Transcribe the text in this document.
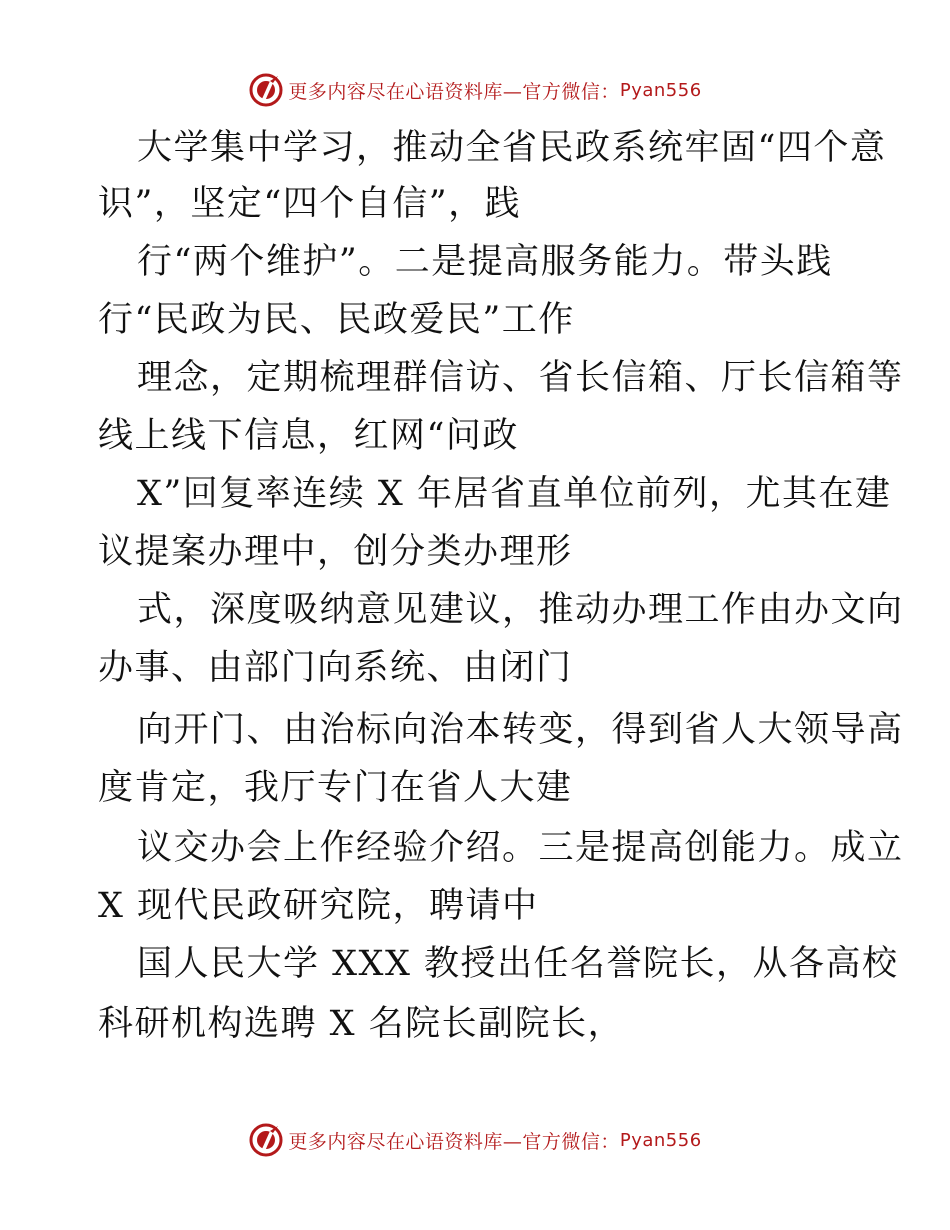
更多内容尽在心语资料库—官方微信： Pyan556
大学集中学习，推动全省民政系统牢固“四个意
识”，坚定“四个自信”，践
行“两个维护”。二是提高服务能力。带头践
行“民政为民、民政爱民”工作
理念，定期梳理群信访、省长信箱、厅长信箱等
线上线下信息，红网“问政
X”回复率连续 X 年居省直单位前列，尤其在建
议提案办理中，创分类办理形
式，深度吸纳意见建议，推动办理工作由办文向
办事、由部门向系统、由闭门
向开门、由治标向治本转变，得到省人大领导高
度肯定，我厅专门在省人大建
议交办会上作经验介绍。三是提高创能力。成立
X 现代民政研究院，聘请中
国人民大学 XXX 教授出任名誉院长，从各高校
科研机构选聘 X 名院长副院长，
更多内容尽在心语资料库—官方微信： Pyan556
